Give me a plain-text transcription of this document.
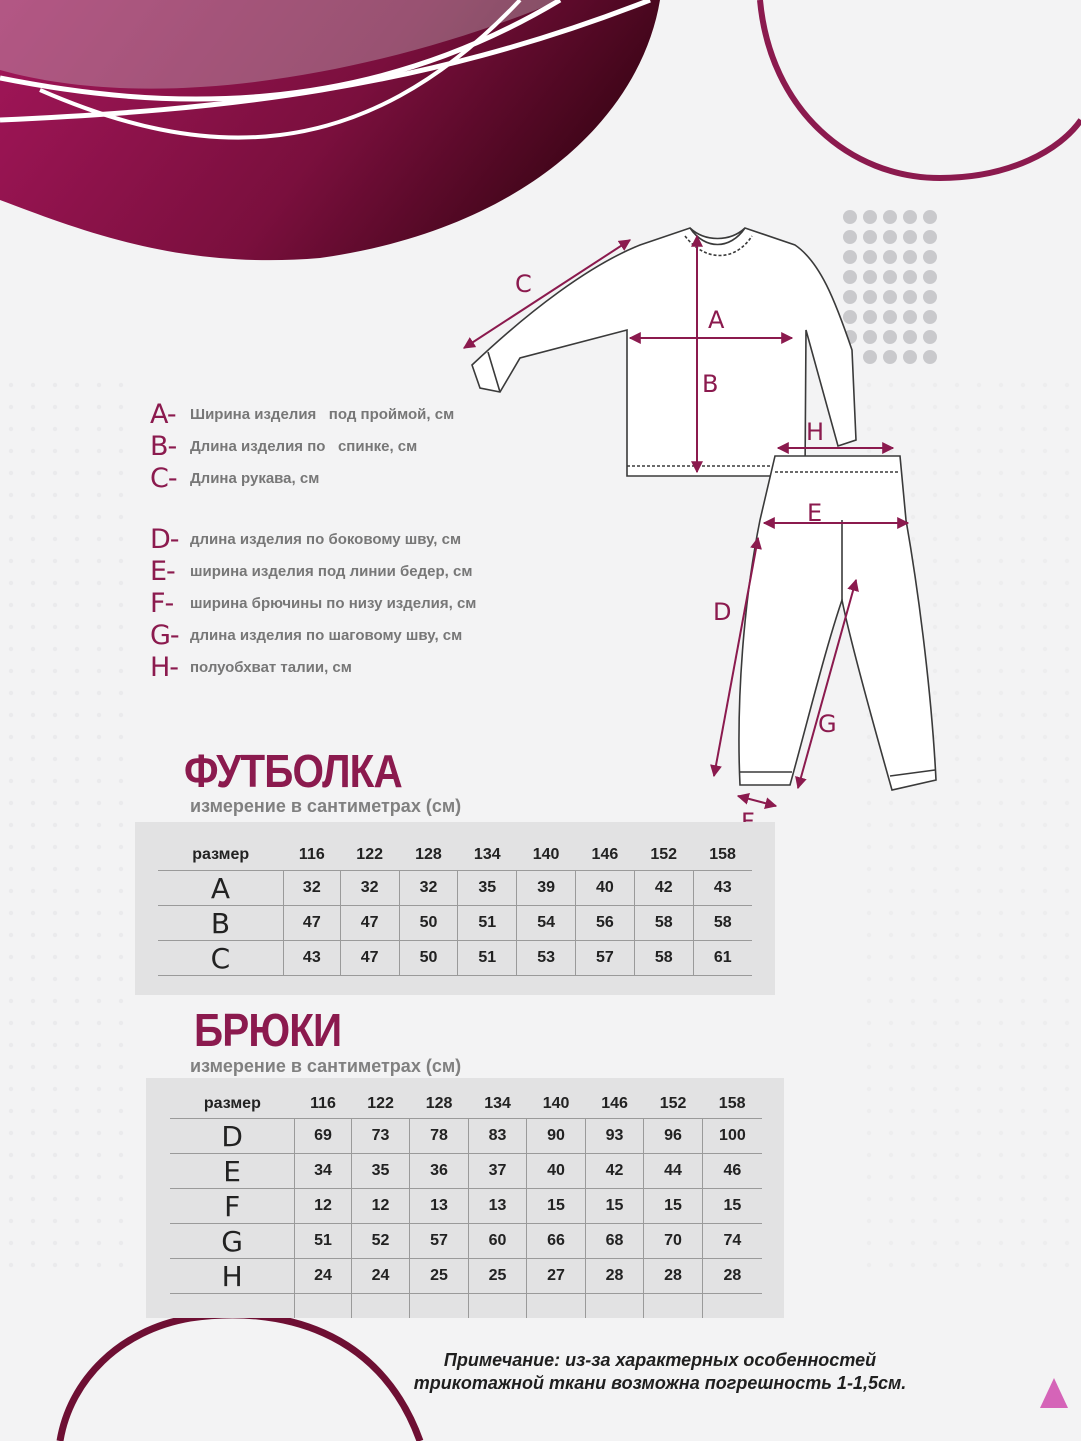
A
B
C
D
E
G
H
A- Ширина изделия   под проймой, см
B- Длина изделия по   спинке, см
C- Длина рукава, см
D- длина изделия по боковому шву, см
E-	ширина изделия под линии бедер, см
F-	ширина брючины по низу изделия, см
G- длина изделия по шаговому шву, см
H- полуобхват талии, см
ФУТБОЛКА
измерение в сантиметрах (см)
размер	116	122	128	134	140	146	152	158
A	32	32	32	35	39	40	42	43
B	47	47	50	51	54	56	58	58
C	43	47	50	51	53	57	58	61
БРЮКИ
измерение в сантиметрах (см)
размер	116	122	128	134	140	146	152	158
D	69	73	78	83	90	93	96	100
E	34	35	36	37	40	42	44	46
F	12	12	13	13	15	15	15	15
G	51	52	57	60	66	68	70	74
H	24	24	25	25	27	28	28	28

Примечание: из-за характерных особенностей
трикотажной ткани возможна погрешность 1-1,5см.
